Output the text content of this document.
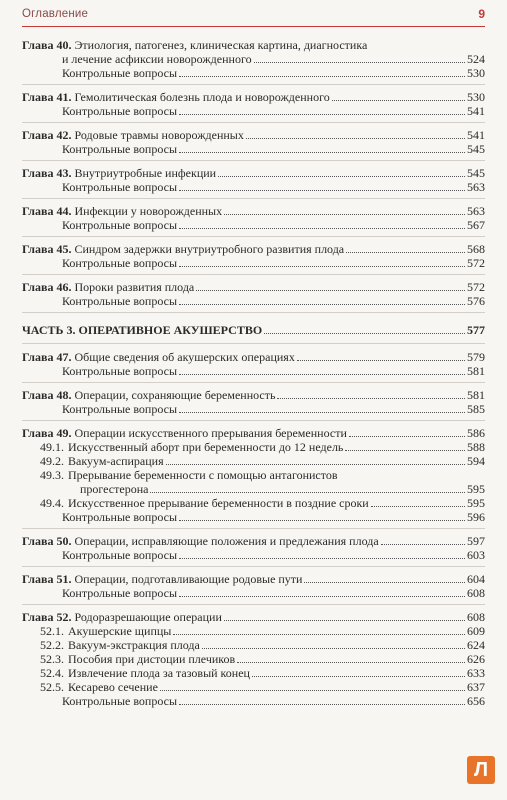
Оглавление	9
Глава 40. Этиология, патогенез, клиническая картина, диагностика
и лечение асфиксии новорожденного	524
Контрольные вопросы	530
Глава 41. Гемолитическая болезнь плода и новорожденного	530
Контрольные вопросы	541
Глава 42. Родовые травмы новорожденных	541
Контрольные вопросы	545
Глава 43. Внутриутробные инфекции	545
Контрольные вопросы	563
Глава 44. Инфекции у новорожденных	563
Контрольные вопросы	567
Глава 45. Синдром задержки внутриутробного развития плода	568
Контрольные вопросы	572
Глава 46. Пороки развития плода	572
Контрольные вопросы	576
ЧАСТЬ 3. ОПЕРАТИВНОЕ АКУШЕРСТВО	577
Глава 47. Общие сведения об акушерских операциях	579
Контрольные вопросы	581
Глава 48. Операции, сохраняющие беременность	581
Контрольные вопросы	585
Глава 49. Операции искусственного прерывания беременности	586
49.1. Искусственный аборт при беременности до 12 недель	588
49.2. Вакуум-аспирация	594
49.3. Прерывание беременности с помощью антагонистов
прогестерона	595
49.4. Искусственное прерывание беременности в поздние сроки	595
Контрольные вопросы	596
Глава 50. Операции, исправляющие положения и предлежания плода	597
Контрольные вопросы	603
Глава 51. Операции, подготавливающие родовые пути	604
Контрольные вопросы	608
Глава 52. Родоразрешающие операции	608
52.1. Акушерские щипцы	609
52.2. Вакуум-экстракция плода	624
52.3. Пособия при дистоции плечиков	626
52.4. Извлечение плода за тазовый конец	633
52.5. Кесарево сечение	637
Контрольные вопросы	656
Л
